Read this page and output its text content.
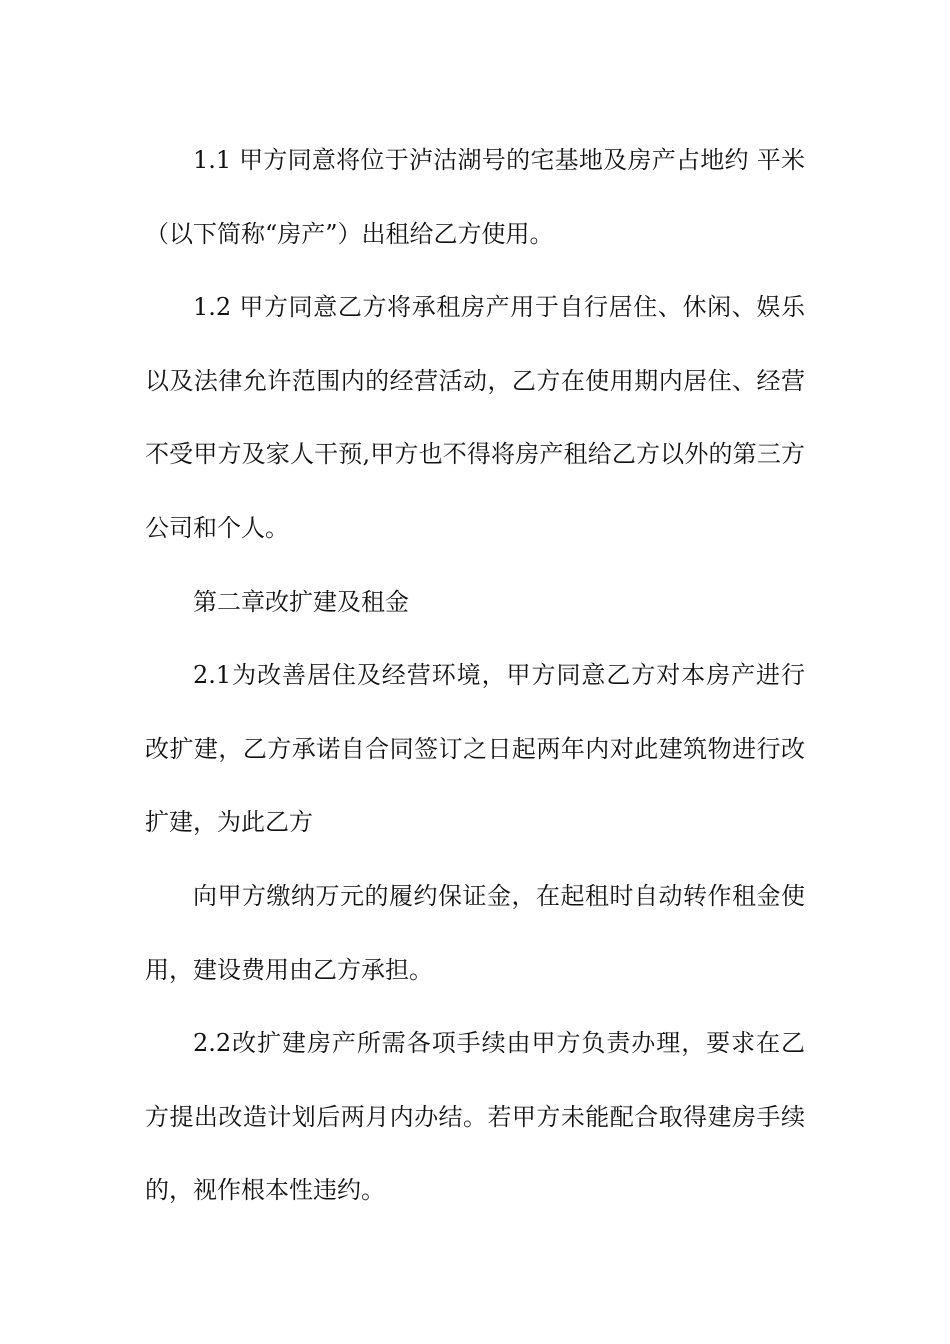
1.1 甲方同意将位于泸沽湖号的宅基地及房产占地约 平米（以下简称“房产”）出租给乙方使用。

1.2 甲方同意乙方将承租房产用于自行居住、休闲、娱乐以及法律允许范围内的经营活动，乙方在使用期内居住、经营不受甲方及家人干预,甲方也不得将房产租给乙方以外的第三方公司和个人。

第二章改扩建及租金

2.1为改善居住及经营环境，甲方同意乙方对本房产进行改扩建，乙方承诺自合同签订之日起两年内对此建筑物进行改扩建，为此乙方

向甲方缴纳万元的履约保证金，在起租时自动转作租金使用，建设费用由乙方承担。

2.2改扩建房产所需各项手续由甲方负责办理，要求在乙方提出改造计划后两月内办结。若甲方未能配合取得建房手续的，视作根本性违约。
